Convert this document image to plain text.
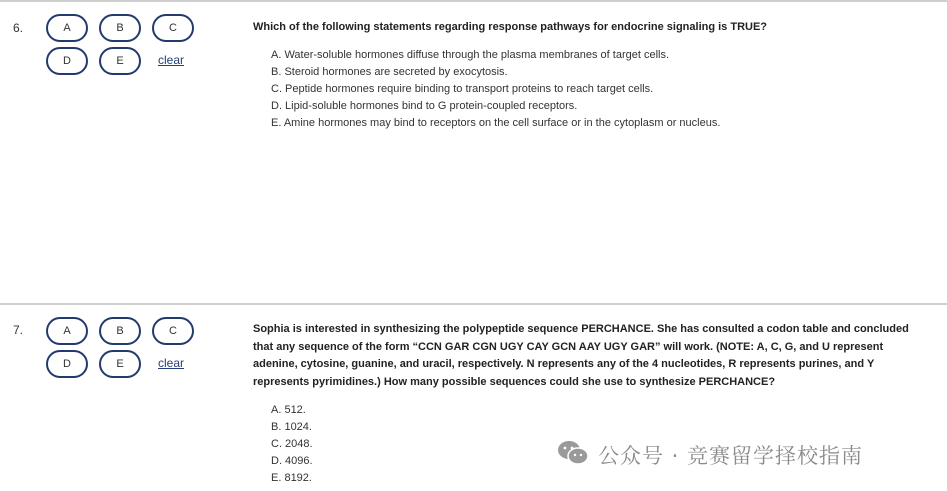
6.	A	B	C
D	E	clear
Which of the following statements regarding response pathways for endocrine signaling is TRUE?
A. Water-soluble hormones diffuse through the plasma membranes of target cells.
B. Steroid hormones are secreted by exocytosis.
C. Peptide hormones require binding to transport proteins to reach target cells.
D. Lipid-soluble hormones bind to G protein-coupled receptors.
E. Amine hormones may bind to receptors on the cell surface or in the cytoplasm or nucleus.
7.	A	B	C
D	E	clear
Sophia is interested in synthesizing the polypeptide sequence PERCHANCE. She has consulted a codon table and concluded
that any sequence of the form “CCN GAR CGN UGY CAY GCN AAY UGY GAR” will work. (NOTE: A, C, G, and U represent
adenine, cytosine, guanine, and uracil, respectively. N represents any of the 4 nucleotides, R represents purines, and Y
represents pyrimidines.) How many possible sequences could she use to synthesize PERCHANCE?
A. 512.
B. 1024.
C. 2048.
D. 4096.
E. 8192.
公众号 · 竞赛留学择校指南
